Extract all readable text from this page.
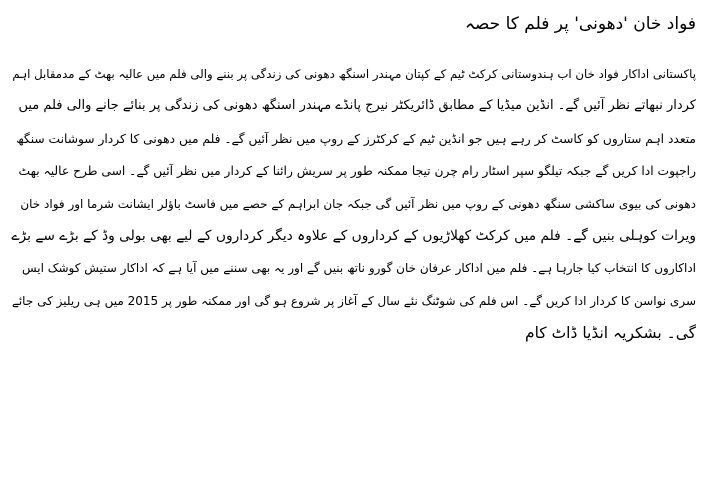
فواد خان 'دھونی' پر فلم کا حصہ
پاکستانی اداکار فواد خان اب ہندوستانی کرکٹ ٹیم کے کپتان مہندر اسنگھ دھونی کی زندگی پر بننے والی فلم میں عالیہ بھٹ کے مدمقابل اہم
کردار نبھاتے نظر آئیں گے۔ انڈین میڈیا کے مطابق ڈائریکٹر نیرج پانڈے مہندر اسنگھ دھونی کی زندگی پر بنائے جانے والی فلم میں
متعدد اہم ستاروں کو کاسٹ کر رہے ہیں جو انڈین ٹیم کے کرکٹرز کے روپ میں نظر آئیں گے۔ فلم میں دھونی کا کردار سوشانت سنگھ
راجپوت ادا کریں گے جبکہ تیلگو سپر اسٹار رام چرن تیجا ممکنہ طور پر سریش رائنا کے کردار میں نظر آئیں گے۔ اسی طرح عالیہ بھٹ
دھونی کی بیوی ساکشی سنگھ دھونی کے روپ میں نظر آئیں گی جبکہ جان ابراہم کے حصے میں فاسٹ باؤلر ایشانت شرما اور فواد خان
ویرات کوہلی بنیں گے۔ فلم میں کرکٹ کھلاڑیوں کے کرداروں کے علاوہ دیگر کرداروں کے لیے بھی بولی وڈ کے بڑے سے بڑے
اداکاروں کا انتخاب کیا جارہا ہے۔ فلم میں اداکار عرفان خان گورو ناتھ بنیں گے اور یہ بھی سننے میں آیا ہے کہ اداکار ستیش کوشک ایس
سری نواسن کا کردار ادا کریں گے۔ اس فلم کی شوٹنگ نئے سال کے آغاز پر شروع ہو گی اور ممکنہ طور پر 2015 میں ہی ریلیز کی جائے
گی۔ بشکریہ انڈیا ڈاٹ کام
